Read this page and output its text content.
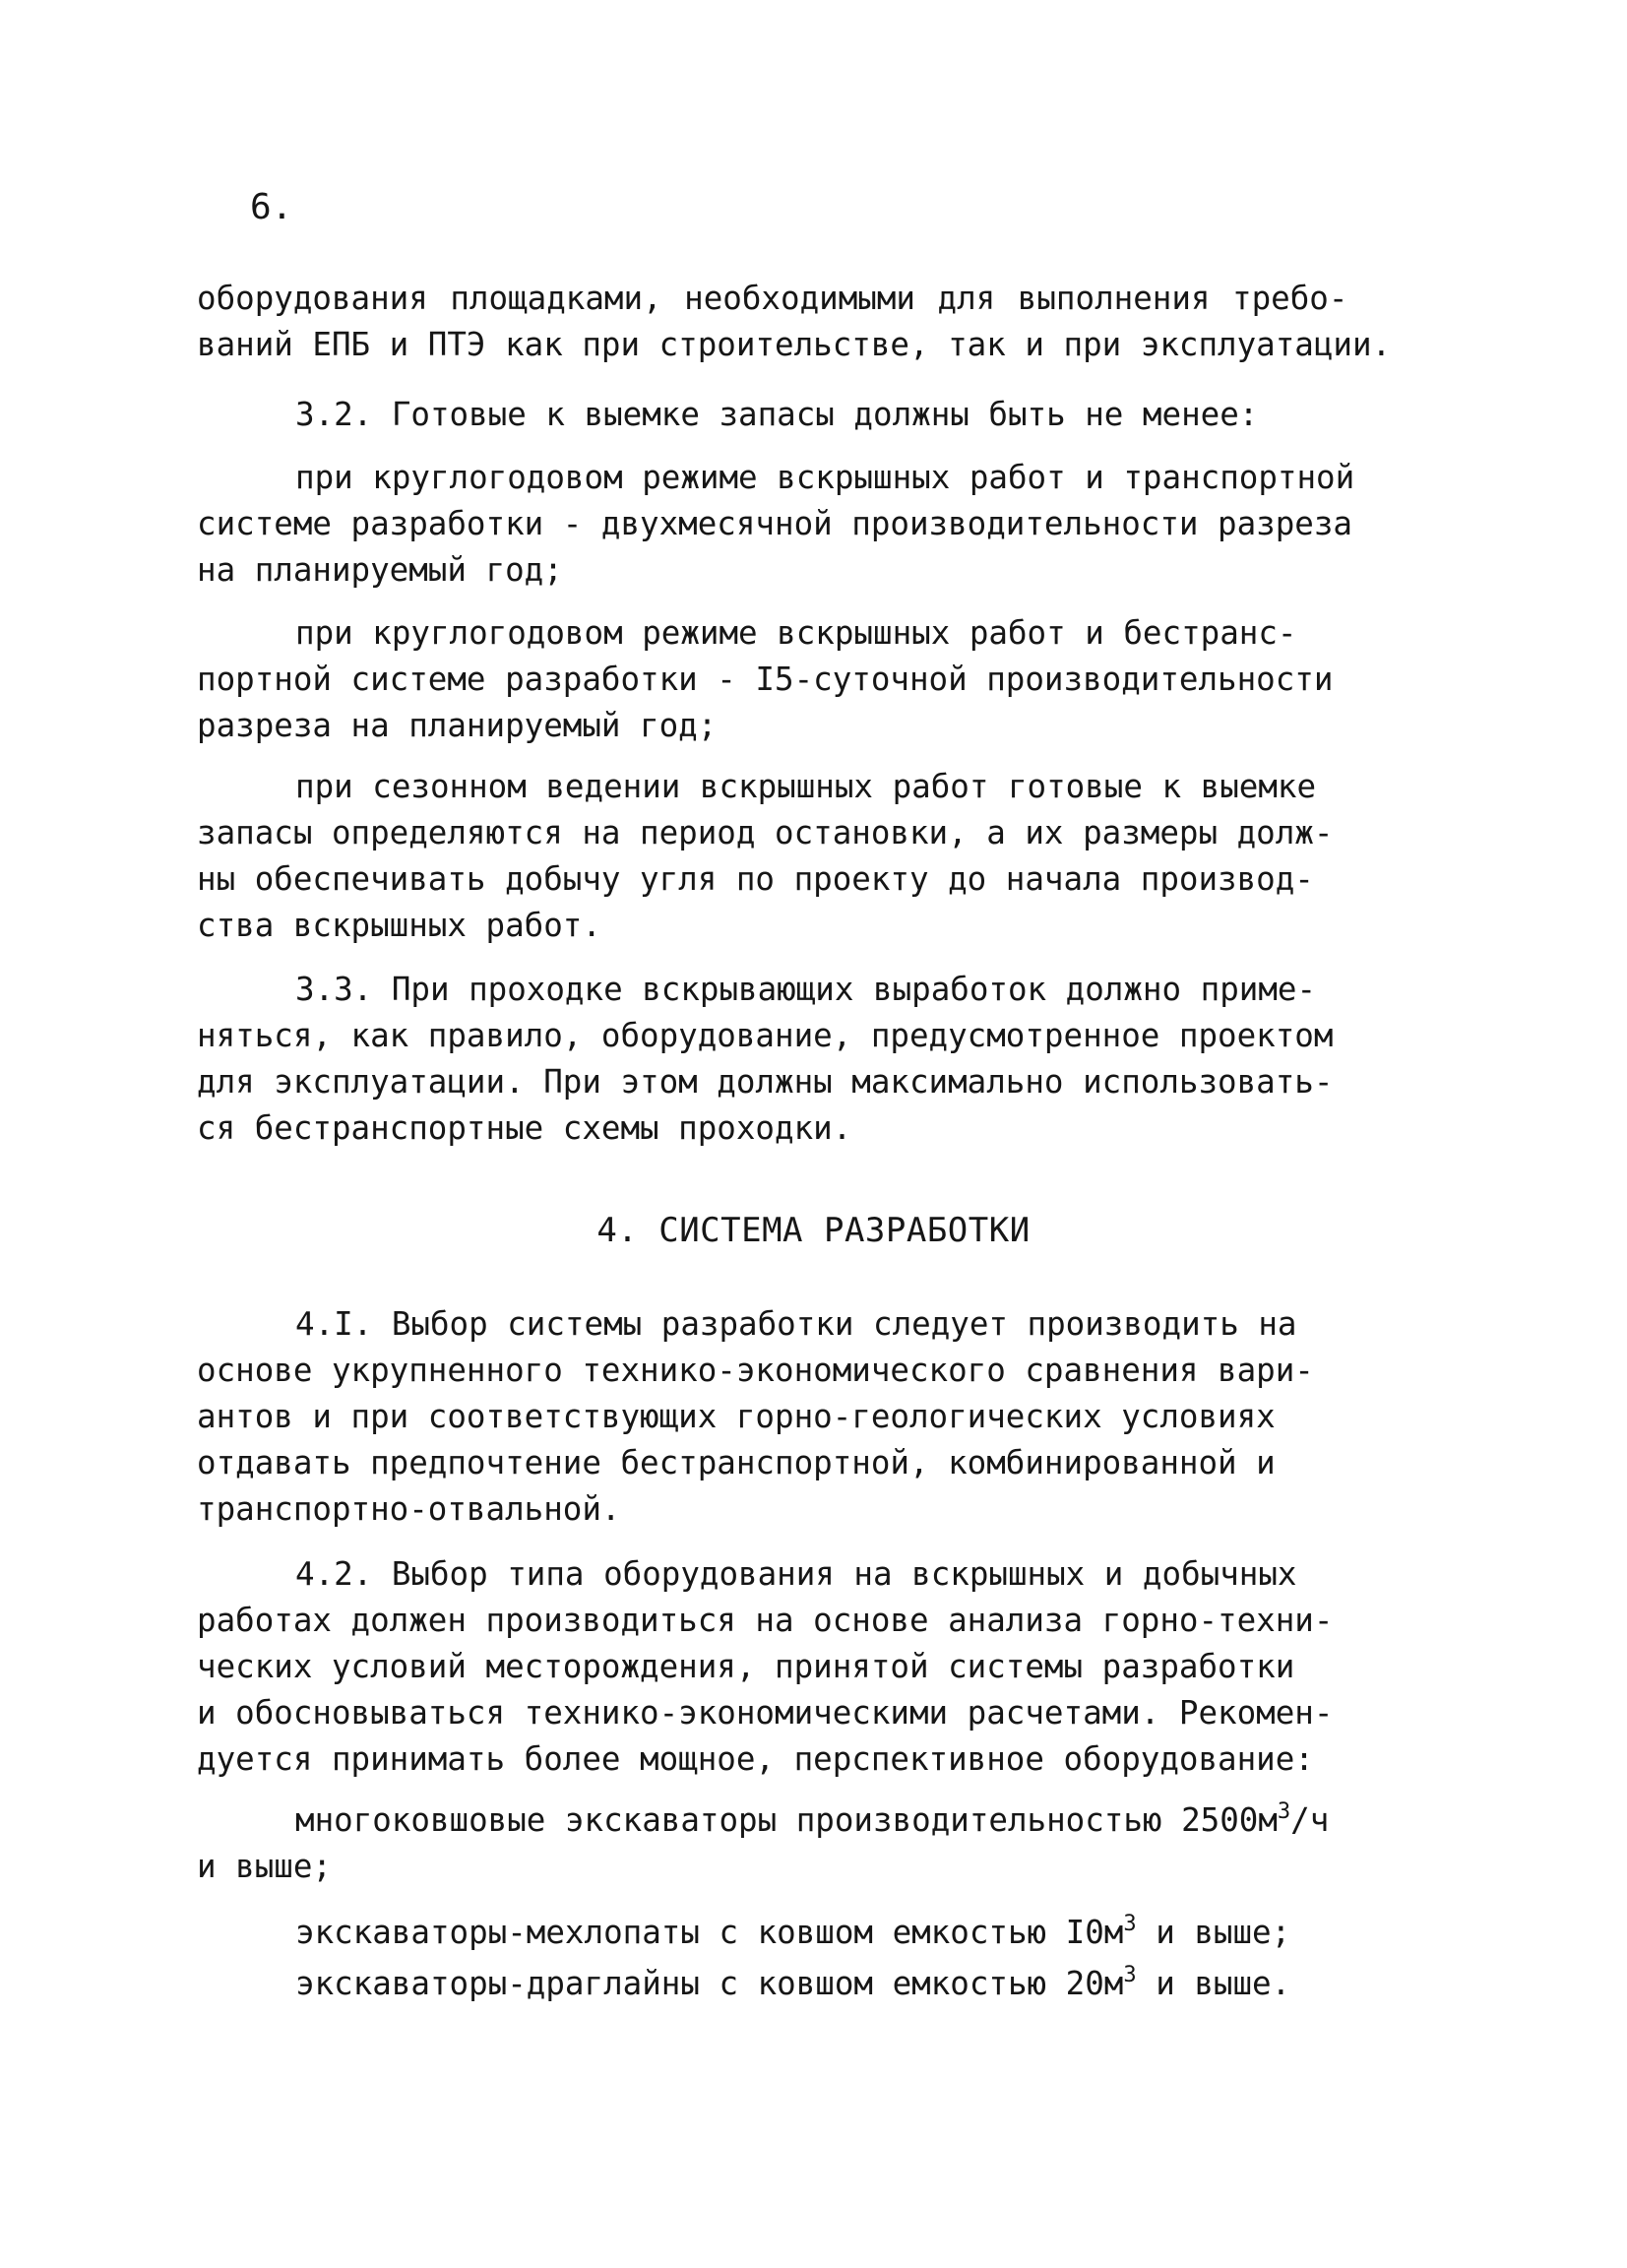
6.
оборудования площадками, необходимыми для выполнения требо-
ваний ЕПБ и ПТЭ как при строительстве, так и при эксплуатации.
3.2. Готовые к выемке запасы должны быть не менее:
при круглогодовом режиме вскрышных работ и транспортной
системе разработки - двухмесячной производительности разреза
на планируемый год;
при круглогодовом режиме вскрышных работ и бестранс-
портной системе разработки - I5-суточной производительности
разреза на планируемый год;
при сезонном ведении вскрышных работ готовые к выемке
запасы определяются на период остановки, а их размеры долж-
ны обеспечивать добычу угля по проекту до начала производ-
ства вскрышных работ.
3.3. При проходке вскрывающих выработок должно приме-
няться, как правило, оборудование, предусмотренное проектом
для эксплуатации. При этом должны максимально использовать-
ся бестранспортные схемы проходки.
4. СИСТЕМА РАЗРАБОТКИ
4.I. Выбор системы разработки следует производить на
основе укрупненного технико-экономического сравнения вари-
антов и при соответствующих горно-геологических условиях
отдавать предпочтение бестранспортной, комбинированной и
транспортно-отвальной.
4.2. Выбор типа оборудования на вскрышных и добычных
работах должен производиться на основе анализа горно-техни-
ческих условий месторождения, принятой системы разработки
и обосновываться технико-экономическими расчетами. Рекомен-
дуется принимать более мощное, перспективное оборудование:
многоковшовые экскаваторы производительностью $2500м^3/ч$
и выше;
экскаваторы-мехлопаты с ковшом емкостью $I0м^3$ и выше;
экскаваторы-драглайны с ковшом емкостью $20м^3$ и выше.
